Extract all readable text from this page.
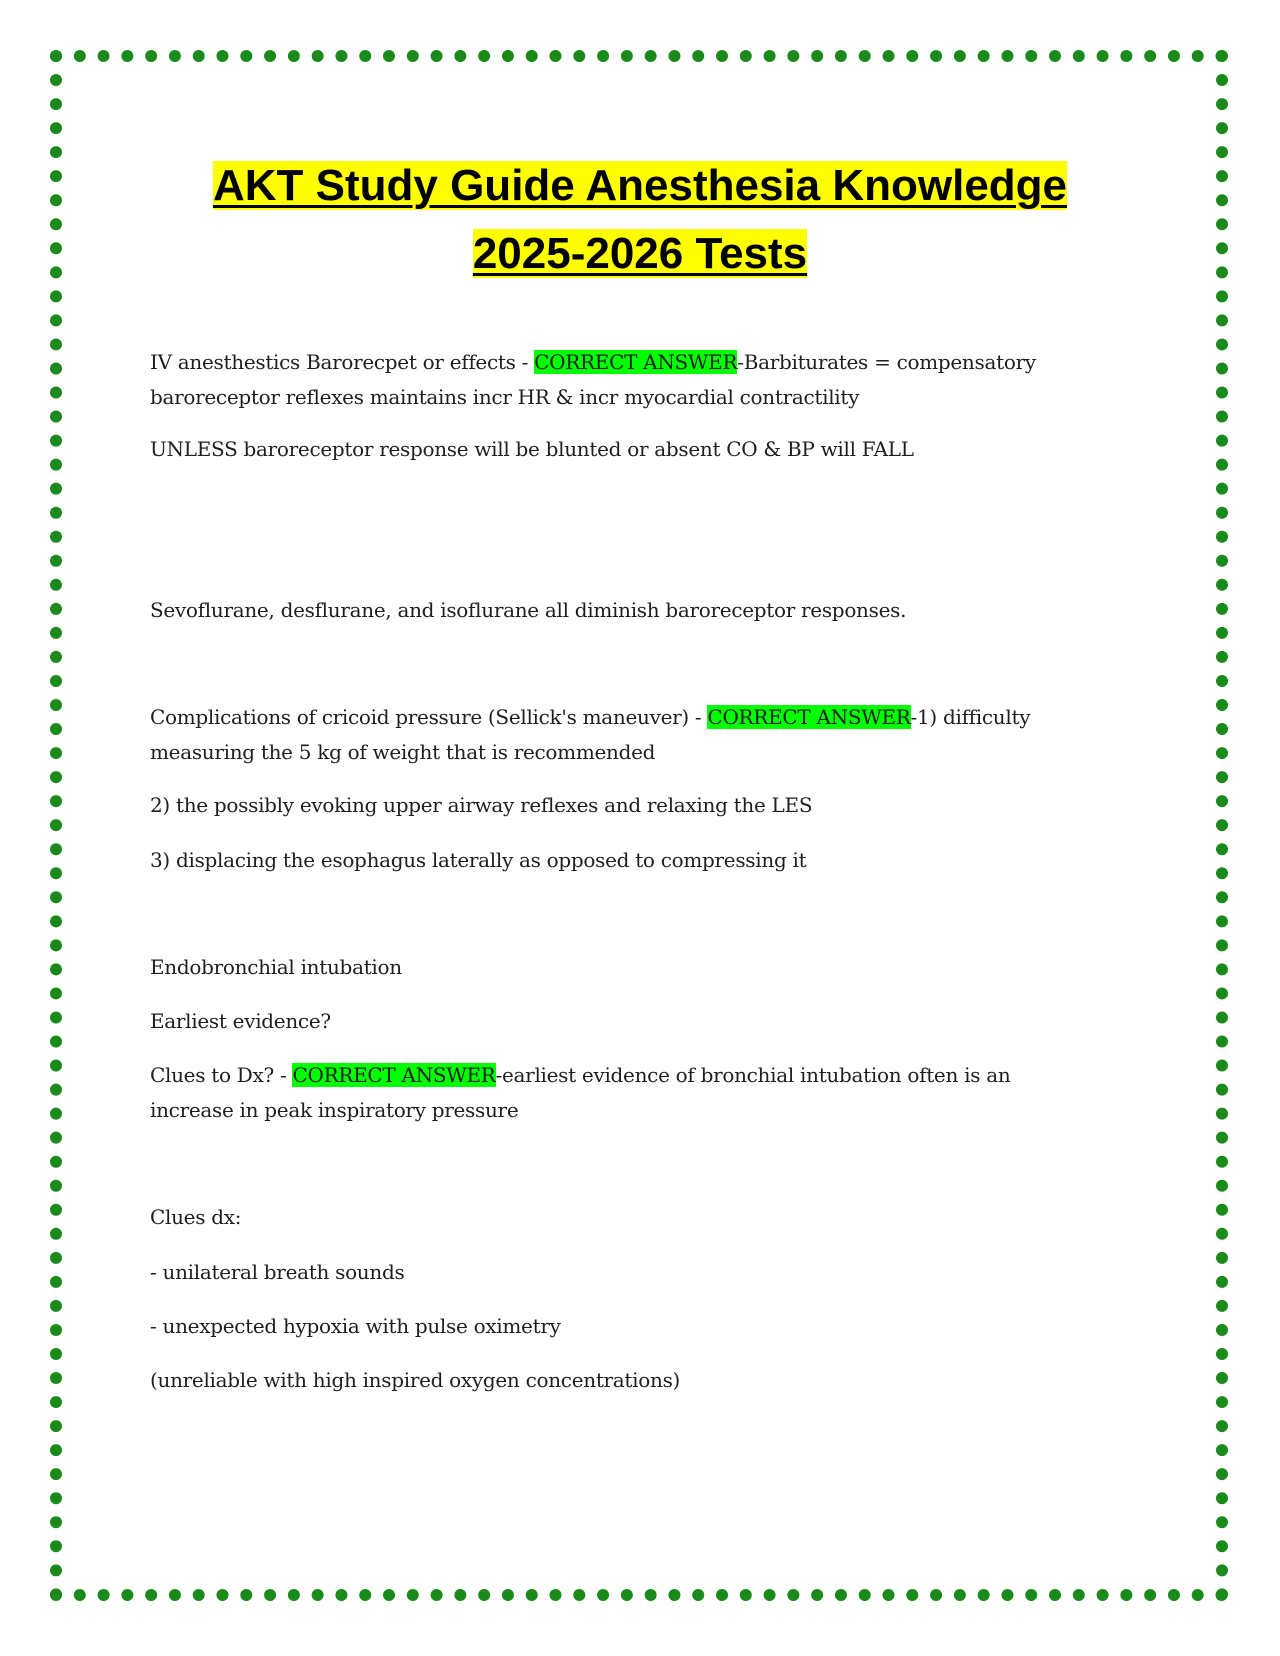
AKT Study Guide Anesthesia Knowledge
2025-2026 Tests

IV anesthestics Barorecpet or effects - CORRECT ANSWER-Barbiturates = compensatory baroreceptor reflexes maintains incr HR & incr myocardial contractility

UNLESS baroreceptor response will be blunted or absent CO & BP will FALL

Sevoflurane, desflurane, and isoflurane all diminish baroreceptor responses.

Complications of cricoid pressure (Sellick's maneuver) - CORRECT ANSWER-1) difficulty measuring the 5 kg of weight that is recommended

2) the possibly evoking upper airway reflexes and relaxing the LES

3) displacing the esophagus laterally as opposed to compressing it

Endobronchial intubation

Earliest evidence?

Clues to Dx? - CORRECT ANSWER-earliest evidence of bronchial intubation often is an increase in peak inspiratory pressure

Clues dx:

- unilateral breath sounds

- unexpected hypoxia with pulse oximetry

(unreliable with high inspired oxygen concentrations)
